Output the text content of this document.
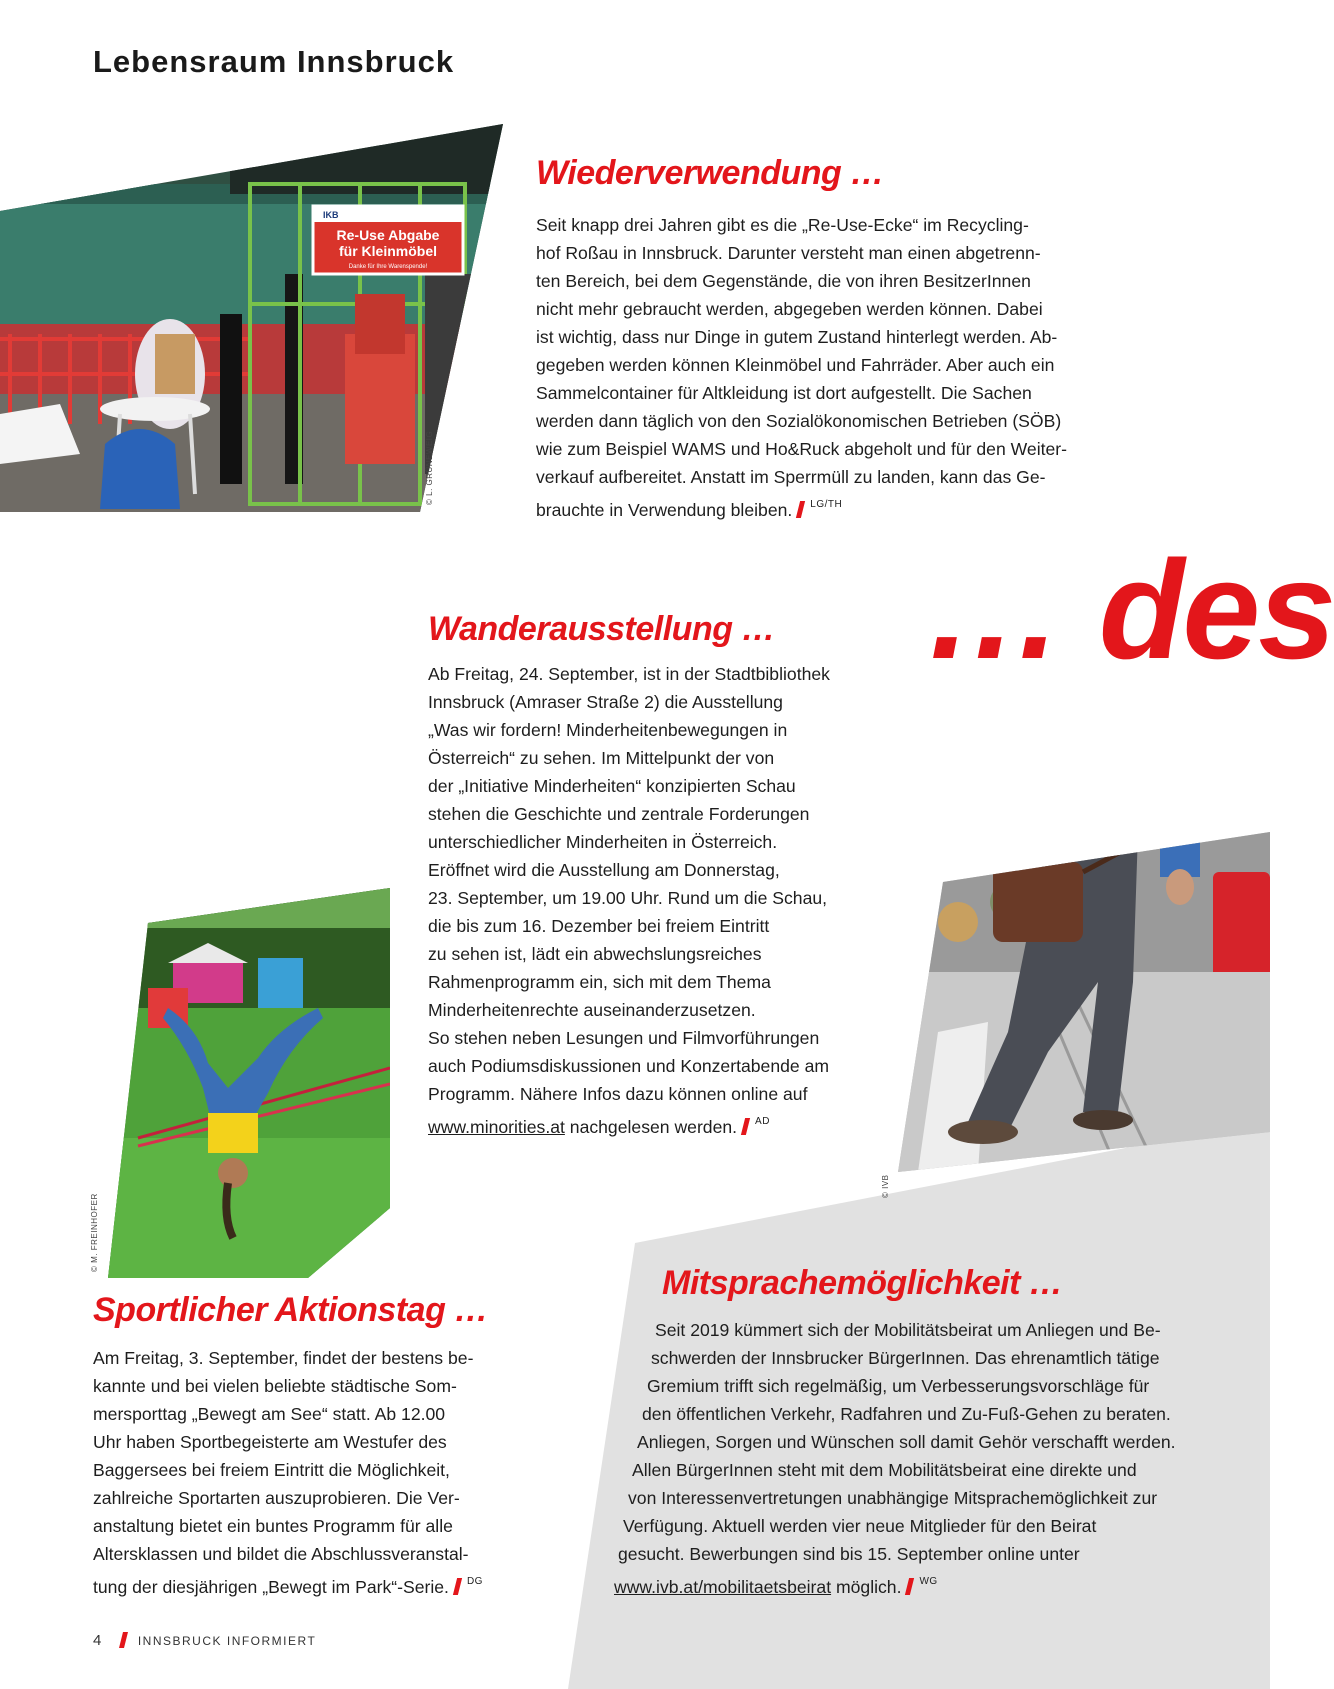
Lebensraum Innsbruck
IKB
Re-Use Abgabe
für Kleinmöbel
Danke für Ihre Warenspende!
© L. GRÜNEWEIG
Wiederverwendung …
Seit knapp drei Jahren gibt es die „Re-Use-Ecke“ im Recycling-
hof Roßau in Innsbruck. Darunter versteht man einen abgetrenn-
ten Bereich, bei dem Gegenstände, die von ihren BesitzerInnen
nicht mehr gebraucht werden, abgegeben werden können. Dabei
ist wichtig, dass nur Dinge in gutem Zustand hinterlegt werden. Ab-
gegeben werden können Kleinmöbel und Fahrräder. Aber auch ein
Sammelcontainer für Altkleidung ist dort aufgestellt. Die Sachen
werden dann täglich von den Sozialökonomischen Betrieben (SÖB)
wie zum Beispiel WAMS und Ho&Ruck abgeholt und für den Weiter-
verkauf aufbereitet. Anstatt im Sperrmüll zu landen, kann das Ge-
brauchte in Verwendung bleiben. $^{LG/TH}$
… des
Wanderausstellung …
Ab Freitag, 24. September, ist in der Stadtbibliothek
Innsbruck (Amraser Straße 2) die Ausstellung
„Was wir fordern! Minderheitenbewegungen in
Österreich“ zu sehen. Im Mittelpunkt der von
der „Initiative Minderheiten“ konzipierten Schau
stehen die Geschichte und zentrale Forderungen
unterschiedlicher Minderheiten in Österreich.
Eröffnet wird die Ausstellung am Donnerstag,
23. September, um 19.00 Uhr. Rund um die Schau,
die bis zum 16. Dezember bei freiem Eintritt
zu sehen ist, lädt ein abwechslungsreiches
Rahmenprogramm ein, sich mit dem Thema
Minderheitenrechte auseinanderzusetzen.
So stehen neben Lesungen und Filmvorführungen
auch Podiumsdiskussionen und Konzertabende am
Programm. Nähere Infos dazu können online auf
www.minorities.at nachgelesen werden. $^{AD}$
© M. FREINHOFER
© IVB
Sportlicher Aktionstag …
Am Freitag, 3. September, findet der bestens be-
kannte und bei vielen beliebte städtische Som-
mersporttag „Bewegt am See“ statt. Ab 12.00
Uhr haben Sportbegeisterte am Westufer des
Baggersees bei freiem Eintritt die Möglichkeit,
zahlreiche Sportarten auszuprobieren. Die Ver-
anstaltung bietet ein buntes Programm für alle
Altersklassen und bildet die Abschlussveranstal-
tung der diesjährigen „Bewegt im Park“-Serie. $^{DG}$
Mitsprachemöglichkeit …
Seit 2019 kümmert sich der Mobilitätsbeirat um Anliegen und Be-
schwerden der Innsbrucker BürgerInnen. Das ehrenamtlich tätige
Gremium trifft sich regelmäßig, um Verbesserungsvorschläge für
den öffentlichen Verkehr, Radfahren und Zu-Fuß-Gehen zu beraten.
Anliegen, Sorgen und Wünschen soll damit Gehör verschafft werden.
Allen BürgerInnen steht mit dem Mobilitätsbeirat eine direkte und
von Interessenvertretungen unabhängige Mitsprachemöglichkeit zur
Verfügung. Aktuell werden vier neue Mitglieder für den Beirat
gesucht. Bewerbungen sind bis 15. September online unter
www.ivb.at/mobilitaetsbeirat möglich. $^{WG}$
4	INNSBRUCK INFORMIERT
